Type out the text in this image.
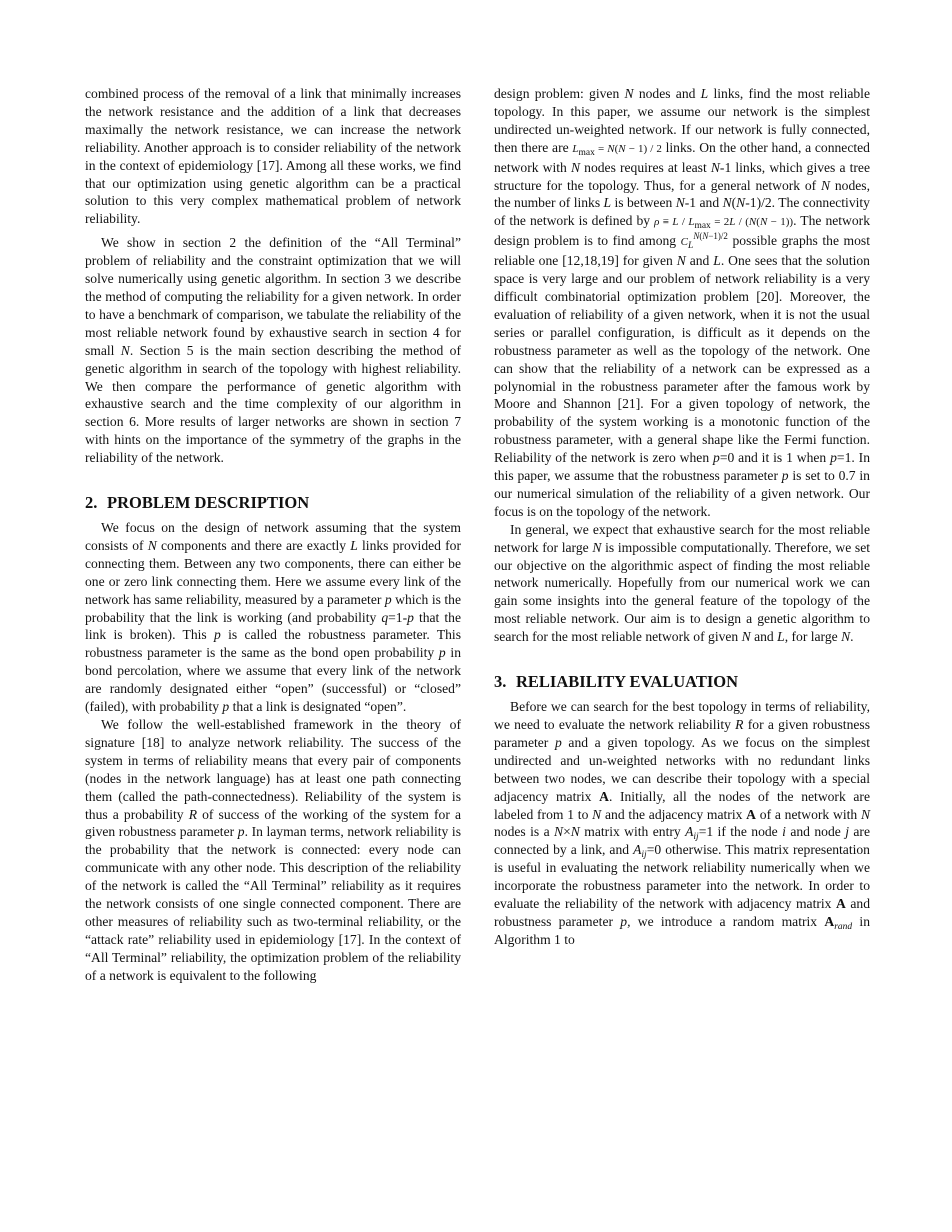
combined process of the removal of a link that minimally increases the network resistance and the addition of a link that decreases maximally the network resistance, we can increase the network reliability. Another approach is to consider reliability of the network in the context of epidemiology [17]. Among all these works, we find that our optimization using genetic algorithm can be a practical solution to this very complex mathematical problem of network reliability.

We show in section 2 the definition of the “All Terminal” problem of reliability and the constraint optimization that we will solve numerically using genetic algorithm. In section 3 we describe the method of computing the reliability for a given network. In order to have a benchmark of comparison, we tabulate the reliability of the most reliable network found by exhaustive search in section 4 for small N. Section 5 is the main section describing the method of genetic algorithm in search of the topology with highest reliability. We then compare the performance of genetic algorithm with exhaustive search and the time complexity of our algorithm in section 6. More results of larger networks are shown in section 7 with hints on the importance of the symmetry of the graphs in the reliability of the network.

2. PROBLEM DESCRIPTION

We focus on the design of network assuming that the system consists of N components and there are exactly L links provided for connecting them. Between any two components, there can either be one or zero link connecting them. Here we assume every link of the network has same reliability, measured by a parameter p which is the probability that the link is working (and probability q=1-p that the link is broken). This p is called the robustness parameter. This robustness parameter is the same as the bond open probability p in bond percolation, where we assume that every link of the network are randomly designated either “open” (successful) or “closed” (failed), with probability p that a link is designated “open”.

We follow the well-established framework in the theory of signature [18] to analyze network reliability. The success of the system in terms of reliability means that every pair of components (nodes in the network language) has at least one path connecting them (called the path-connectedness). Reliability of the system is thus a probability R of success of the working of the system for a given robustness parameter p. In layman terms, network reliability is the probability that the network is connected: every node can communicate with any other node. This description of the reliability of the network is called the “All Terminal” reliability as it requires the network consists of one single connected component. There are other measures of reliability such as two-terminal reliability, or the “attack rate” reliability used in epidemiology [17]. In the context of “All Terminal” reliability, the optimization problem of the reliability of a network is equivalent to the following

design problem: given N nodes and L links, find the most reliable topology. In this paper, we assume our network is the simplest undirected un-weighted network. If our network is fully connected, then there are $L_{max} = N(N - 1) / 2$ links. On the other hand, a connected network with N nodes requires at least N-1 links, which gives a tree structure for the topology. Thus, for a general network of N nodes, the number of links L is between N-1 and N(N-1)/2. The connectivity of the network is defined by $\rho \equiv L / L_{max} = 2L / (N(N - 1))$. The network design problem is to find among $C_L^{N(N-1)/2}$ possible graphs the most reliable one [12,18,19] for given N and L. One sees that the solution space is very large and our problem of network reliability is a very difficult combinatorial optimization problem [20]. Moreover, the evaluation of reliability of a given network, when it is not the usual series or parallel configuration, is difficult as it depends on the robustness parameter as well as the topology of the network. One can show that the reliability of a network can be expressed as a polynomial in the robustness parameter after the famous work by Moore and Shannon [21]. For a given topology of network, the probability of the system working is a monotonic function of the robustness parameter, with a general shape like the Fermi function. Reliability of the network is zero when p=0 and it is 1 when p=1. In this paper, we assume that the robustness parameter p is set to 0.7 in our numerical simulation of the reliability of a given network. Our focus is on the topology of the network.

In general, we expect that exhaustive search for the most reliable network for large N is impossible computationally. Therefore, we set our objective on the algorithmic aspect of finding the most reliable network numerically. Hopefully from our numerical work we can gain some insights into the general feature of the topology of the most reliable network. Our aim is to design a genetic algorithm to search for the most reliable network of given N and L, for large N.

3. RELIABILITY EVALUATION

Before we can search for the best topology in terms of reliability, we need to evaluate the network reliability R for a given robustness parameter p and a given topology. As we focus on the simplest undirected and un-weighted networks with no redundant links between two nodes, we can describe their topology with a special adjacency matrix A. Initially, all the nodes of the network are labeled from 1 to N and the adjacency matrix A of a network with N nodes is a N×N matrix with entry $A_{ij}=1$ if the node i and node j are connected by a link, and $A_{ij}=0$ otherwise. This matrix representation is useful in evaluating the network reliability numerically when we incorporate the robustness parameter into the network. In order to evaluate the reliability of the network with adjacency matrix A and robustness parameter p, we introduce a random matrix $A_{rand}$ in Algorithm 1 to
